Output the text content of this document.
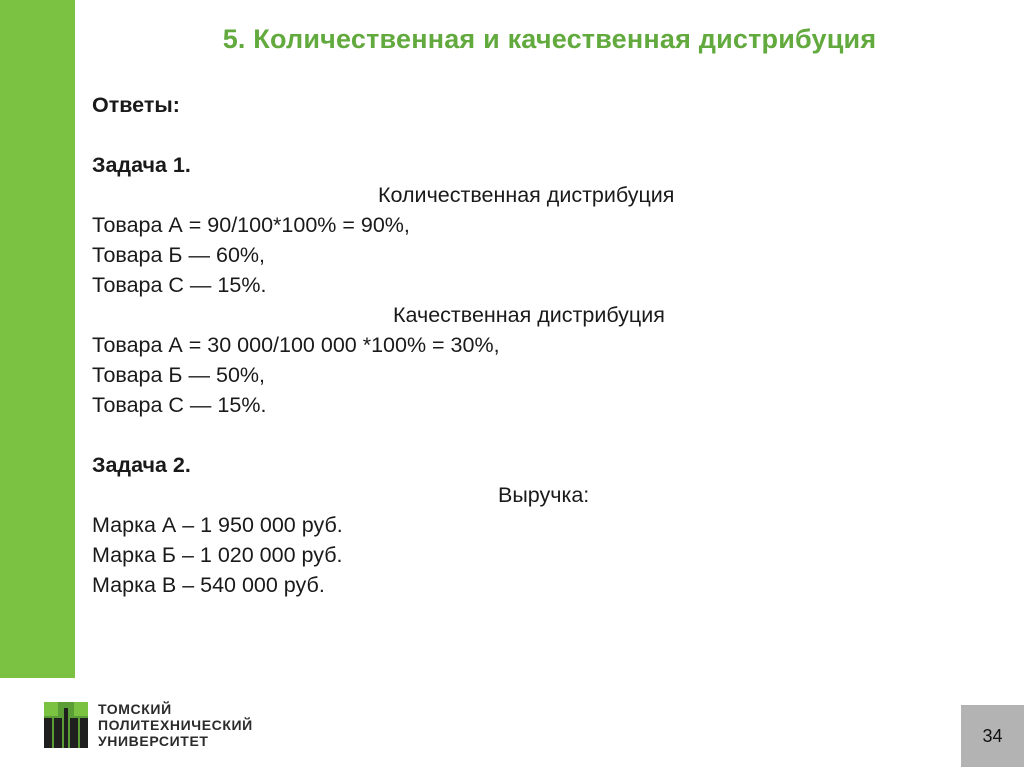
5. Количественная и качественная дистрибуция
Ответы:
Задача 1.
Количественная дистрибуция
Товара А = 90/100*100% = 90%,
Товара Б — 60%,
Товара С — 15%.
Качественная дистрибуция
Товара А = 30 000/100 000 *100% = 30%,
Товара Б — 50%,
Товара С — 15%.
Задача 2.
Выручка:
Марка А – 1 950 000 руб.
Марка Б – 1 020 000 руб.
Марка В – 540 000 руб.
ТОМСКИЙ
ПОЛИТЕХНИЧЕСКИЙ
УНИВЕРСИТЕТ	34
